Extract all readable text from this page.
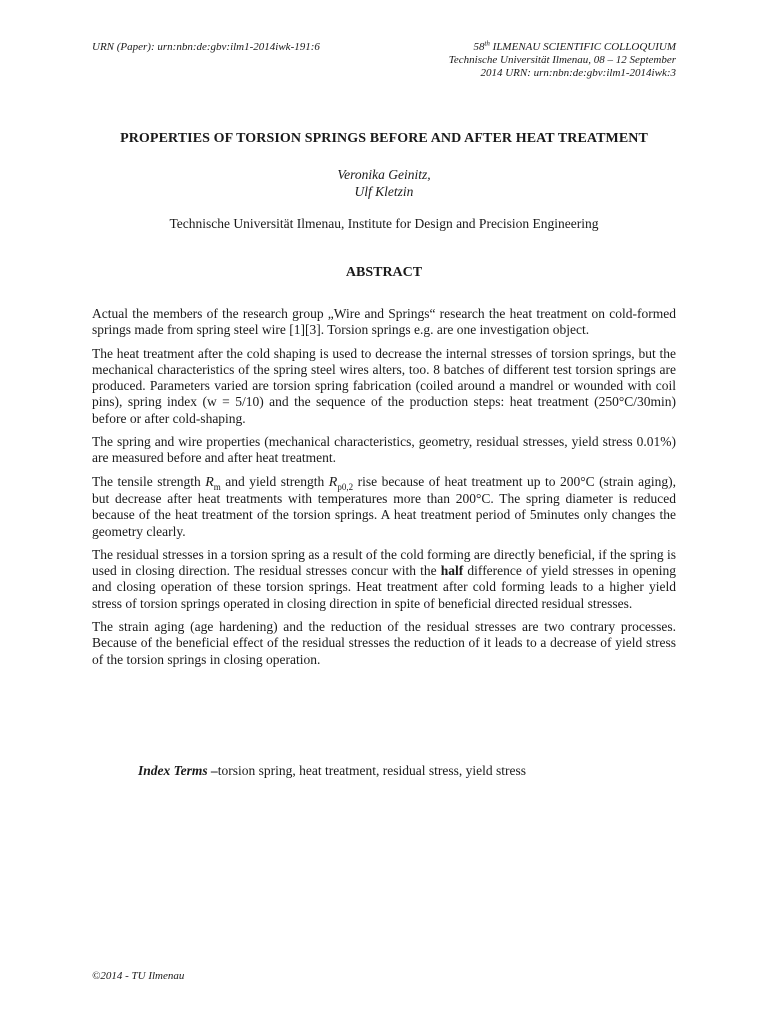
URN (Paper): urn:nbn:de:gbv:ilm1-2014iwk-191:6	58th ILMENAU SCIENTIFIC COLLOQUIUM
Technische Universität Ilmenau, 08 – 12 September
2014 URN: urn:nbn:de:gbv:ilm1-2014iwk:3
PROPERTIES OF TORSION SPRINGS BEFORE AND AFTER HEAT TREATMENT
Veronika Geinitz,
Ulf Kletzin
Technische Universität Ilmenau, Institute for Design and Precision Engineering
ABSTRACT

Actual the members of the research group „Wire and Springs“ research the heat treatment on cold-formed springs made from spring steel wire [1][3]. Torsion springs e.g. are one investigation object.

The heat treatment after the cold shaping is used to decrease the internal stresses of torsion springs, but the mechanical characteristics of the spring steel wires alters, too. 8 batches of different test torsion springs are produced. Parameters varied are torsion spring fabrication (coiled around a mandrel or wounded with coil pins), spring index (w = 5/10) and the sequence of the production steps: heat treatment (250°C/30min) before or after cold-shaping.

The spring and wire properties (mechanical characteristics, geometry, residual stresses, yield stress 0.01%) are measured before and after heat treatment.

The tensile strength $R_m$ and yield strength $R_{p0,2}$ rise because of heat treatment up to 200°C (strain aging), but decrease after heat treatments with temperatures more than 200°C. The spring diameter is reduced because of the heat treatment of the torsion springs. A heat treatment period of 5minutes only changes the geometry clearly.

The residual stresses in a torsion spring as a result of the cold forming are directly beneficial, if the spring is used in closing direction. The residual stresses concur with the half difference of yield stresses in opening and closing operation of these torsion springs. Heat treatment after cold forming leads to a higher yield stress of torsion springs operated in closing direction in spite of beneficial directed residual stresses.

The strain aging (age hardening) and the reduction of the residual stresses are two contrary processes. Because of the beneficial effect of the residual stresses the reduction of it leads to a decrease of yield stress of the torsion springs in closing operation.

Index Terms –torsion spring, heat treatment, residual stress, yield stress
©2014 - TU Ilmenau
